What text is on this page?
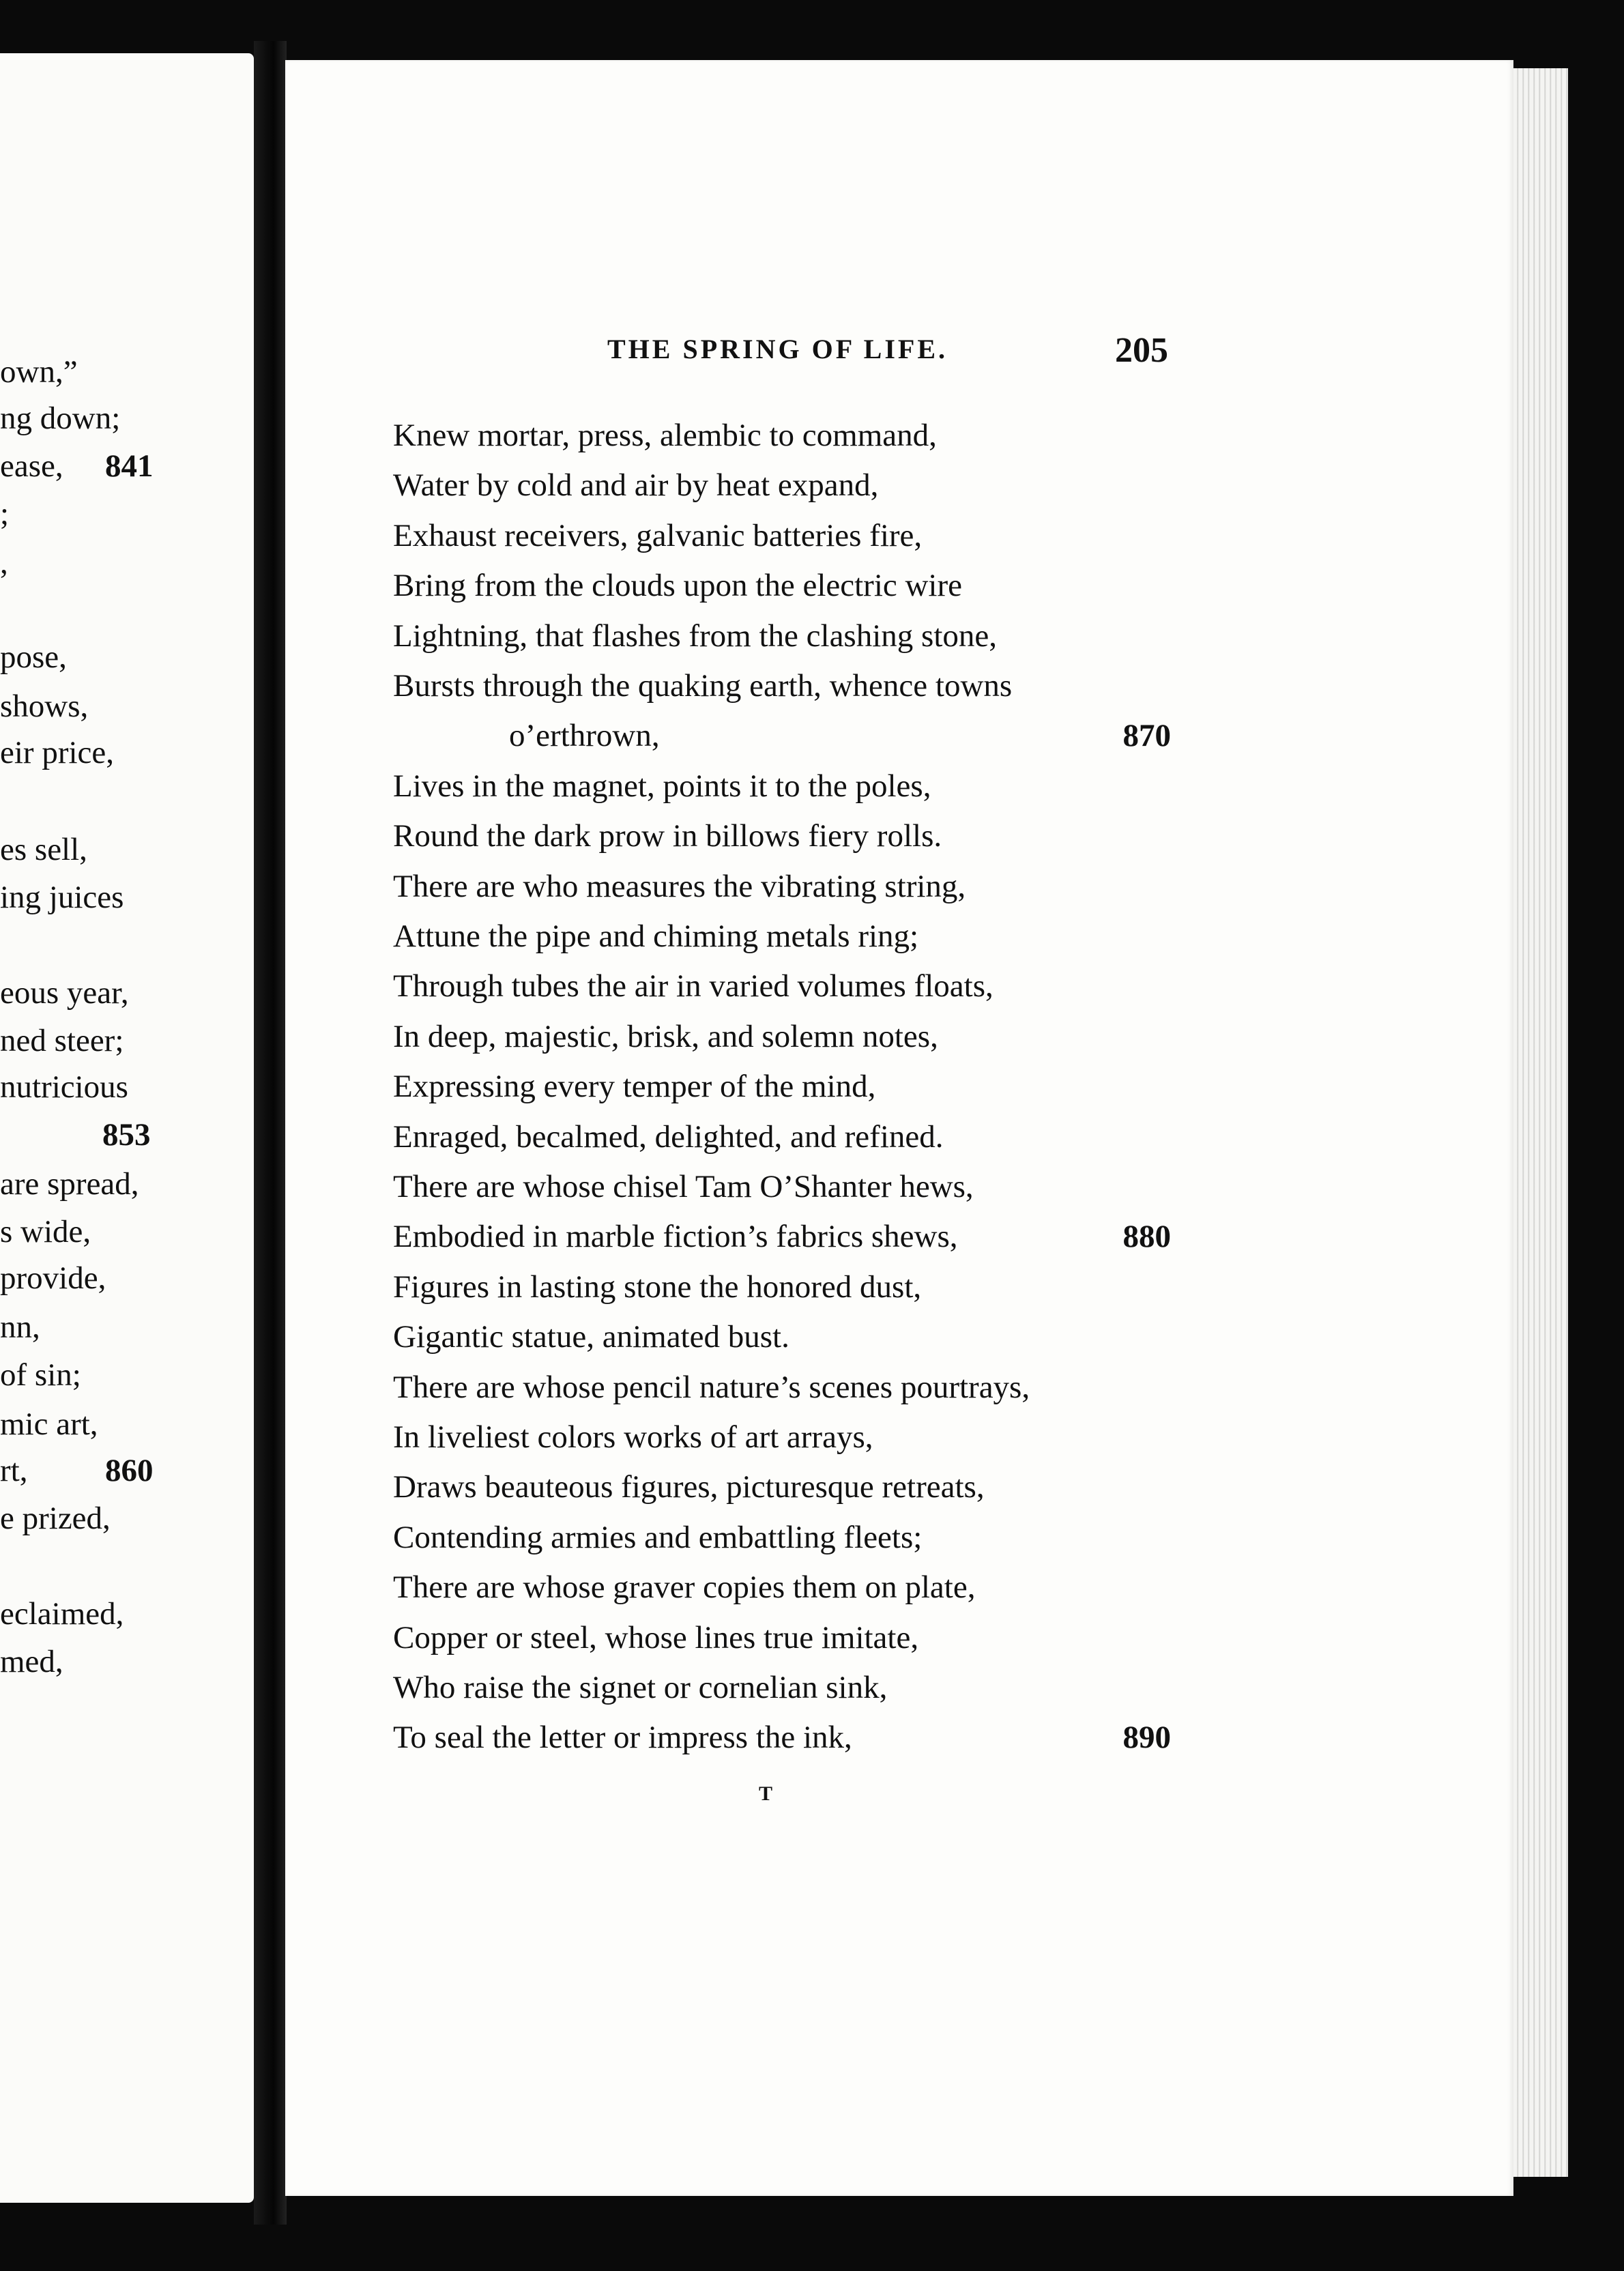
own,”
ng down;
ease, 841
;
,
pose,
shows,
eir price,
es sell,
ing juices
eous year,
ned steer;
nutricious
853
are spread,
s wide,
provide,
nn,
of sin;
mic art,
rt, 860
e prized,
eclaimed,
med,
THE SPRING OF LIFE.	205
Knew mortar, press, alembic to command,
Water by cold and air by heat expand,
Exhaust receivers, galvanic batteries fire,
Bring from the clouds upon the electric wire
Lightning, that flashes from the clashing stone,
Bursts through the quaking earth, whence towns
o’erthrown,	870
Lives in the magnet, points it to the poles,
Round the dark prow in billows fiery rolls.
There are who measures the vibrating string,
Attune the pipe and chiming metals ring;
Through tubes the air in varied volumes floats,
In deep, majestic, brisk, and solemn notes,
Expressing every temper of the mind,
Enraged, becalmed, delighted, and refined.
There are whose chisel Tam O’Shanter hews,
Embodied in marble fiction’s fabrics shews,	880
Figures in lasting stone the honored dust,
Gigantic statue, animated bust.
There are whose pencil nature’s scenes pourtrays,
In liveliest colors works of art arrays,
Draws beauteous figures, picturesque retreats,
Contending armies and embattling fleets;
There are whose graver copies them on plate,
Copper or steel, whose lines true imitate,
Who raise the signet or cornelian sink,
To seal the letter or impress the ink,	890
T
